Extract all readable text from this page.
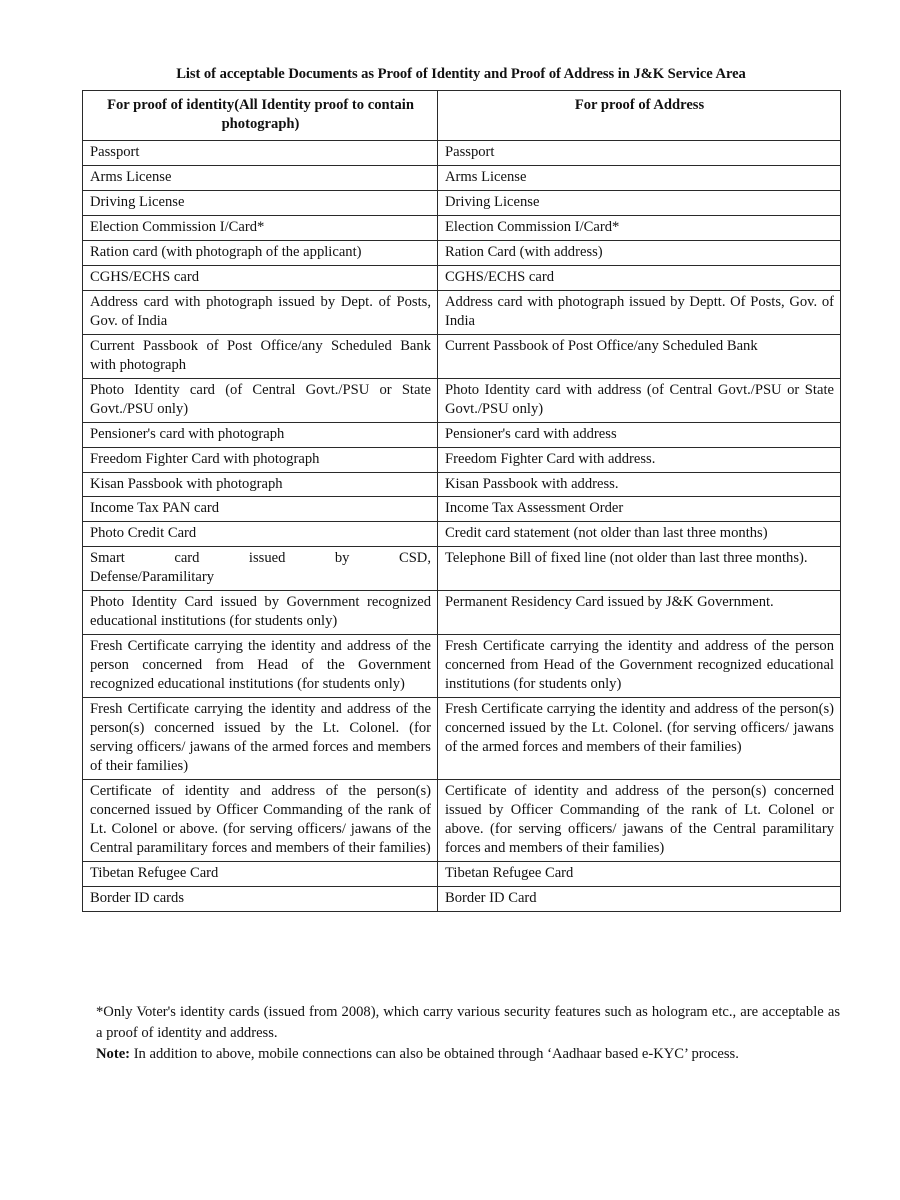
List of acceptable Documents as Proof of Identity and Proof of Address in J&K Service Area
For proof of identity(All Identity proof to contain photograph)	For proof of Address
Passport	Passport
Arms License	Arms License
Driving License	Driving License
Election Commission I/Card*	Election Commission I/Card*
Ration card (with photograph of the applicant)	Ration Card (with address)
CGHS/ECHS card	CGHS/ECHS card
Address card with photograph issued by Dept. of Posts, Gov. of India	Address card with photograph issued by Deptt. Of Posts, Gov. of India
Current Passbook of Post Office/any Scheduled Bank with photograph	Current Passbook of Post Office/any Scheduled Bank
Photo Identity card (of Central Govt./PSU or State Govt./PSU only)	Photo Identity card with address (of Central Govt./PSU or State Govt./PSU only)
Pensioner's card with photograph	Pensioner's card with address
Freedom Fighter Card with photograph	Freedom Fighter Card with address.
Kisan Passbook with photograph	Kisan Passbook with address.
Income Tax PAN card	Income Tax Assessment Order
Photo Credit Card	Credit card statement (not older than last three months)

Smart card issued by CSD,
Defense/Paramilitary	Telephone Bill of fixed line (not older than last three months).
Photo Identity Card issued by Government recognized educational institutions (for students only)	Permanent Residency Card issued by J&K Government.
Fresh Certificate carrying the identity and address of the person concerned from Head of the Government recognized educational institutions (for students only)	Fresh Certificate carrying the identity and address of the person concerned from Head of the Government recognized educational institutions (for students only)
Fresh Certificate carrying the identity and address of the person(s) concerned issued by the Lt. Colonel. (for serving officers/ jawans of the armed forces and members of their families)	Fresh Certificate carrying the identity and address of the person(s) concerned issued by the Lt. Colonel. (for serving officers/ jawans of the armed forces and members of their families)
Certificate of identity and address of the person(s) concerned issued by Officer Commanding of the rank of Lt. Colonel or above. (for serving officers/ jawans of the Central paramilitary forces and members of their families)	Certificate of identity and address of the person(s) concerned issued by Officer Commanding of the rank of Lt. Colonel or above. (for serving officers/ jawans of the Central paramilitary forces and members of their families)
Tibetan Refugee Card	Tibetan Refugee Card
Border ID cards	Border ID Card

*Only Voter's identity cards (issued from 2008), which carry various security features such as hologram etc., are acceptable as a proof of identity and address.

Note: In addition to above, mobile connections can also be obtained through ‘Aadhaar based e-KYC’ process.
